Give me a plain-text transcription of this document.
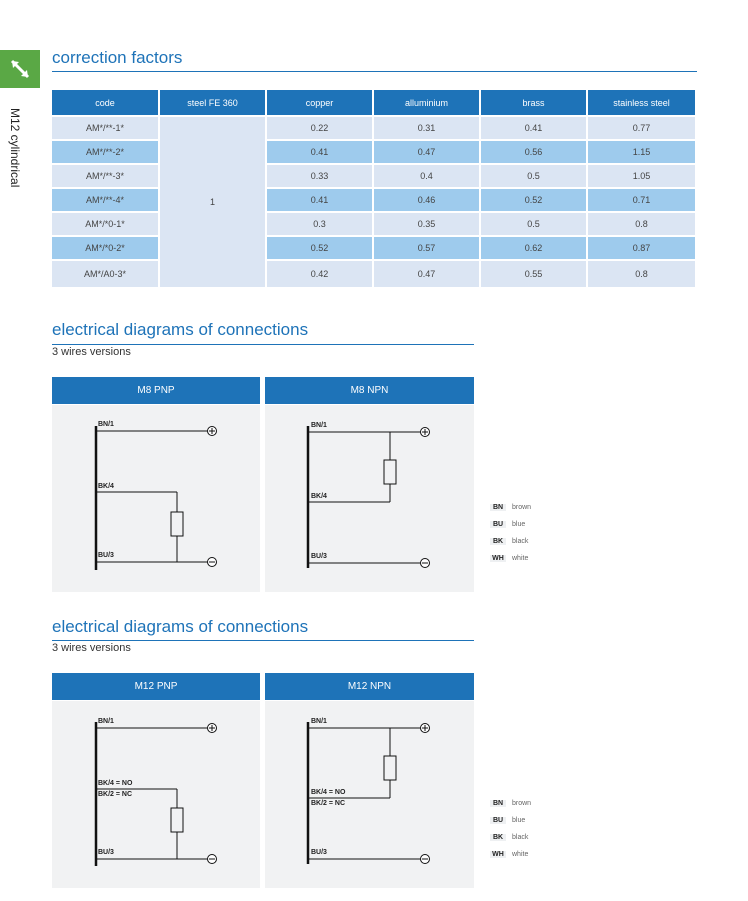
M12 cylindrical
correction factors
code	steel FE 360	copper	alluminium	brass	stainless steel
AM*/**-1*	1	0.22	0.31	0.41	0.77
AM*/**-2*		0.41	0.47	0.56	1.15
AM*/**-3*		0.33	0.4	0.5	1.05
AM*/**-4*		0.41	0.46	0.52	0.71
AM*/*0-1*		0.3	0.35	0.5	0.8
AM*/*0-2*		0.52	0.57	0.62	0.87
AM*/A0-3*		0.42	0.47	0.55	0.8
electrical diagrams of connections
3 wires versions
M8 PNP
BN/1
BK/4
BU/3
M8 NPN
BN/1
BK/4
BU/3
BN	brown
BU	blue
BK	black
WH	white
electrical diagrams of connections
3 wires versions
M12 PNP
BN/1
BK/4 = NO
BK/2 = NC
BU/3
M12 NPN
BN/1
BK/4 = NO
BK/2 = NC
BU/3
BN	brown
BU	blue
BK	black
WH	white
